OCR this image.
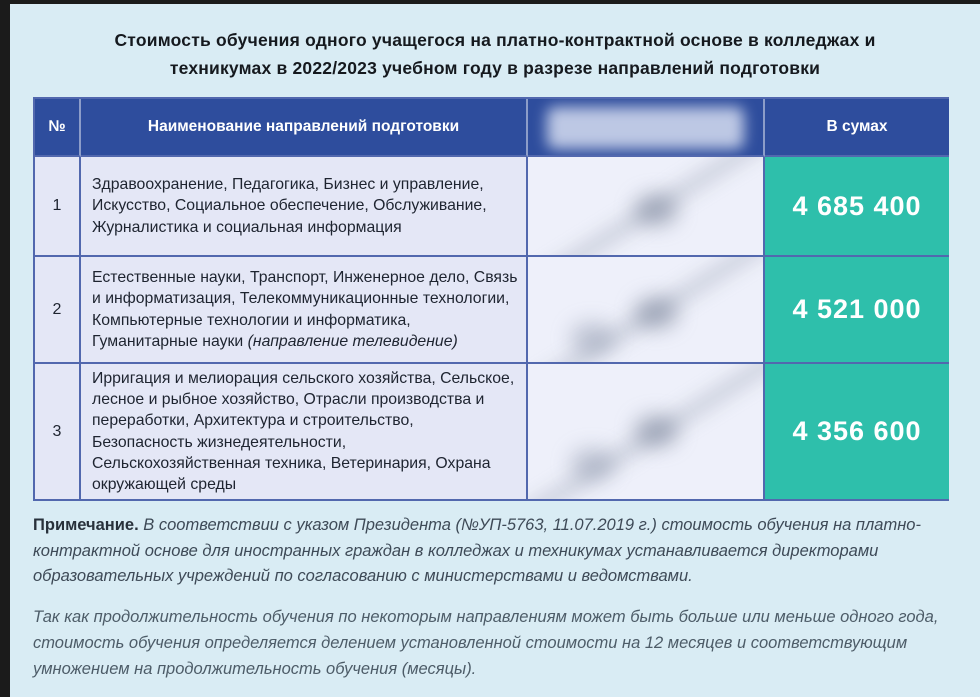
Стоимость обучения одного учащегося на платно-контрактной основе в колледжах и
техникумах в 2022/2023 учебном году в разрезе направлений подготовки
№	Наименование направлений подготовки	В сумах
1
Здравоохранение, Педагогика, Бизнес и управление, Искусство, Социальное обеспечение, Обслуживание, Журналистика и социальная информация
4 685 400
2
Естественные науки, Транспорт, Инженерное дело, Связь и информатизация, Телекоммуникационные технологии, Компьютерные технологии и информатика, Гуманитарные науки (направление телевидение)
4 521 000
3
Ирригация и мелиорация сельского хозяйства, Сельское, лесное и рыбное хозяйство, Отрасли производства и переработки, Архитектура и строительство, Безопасность жизнедеятельности, Сельскохозяйственная техника, Ветеринария, Охрана окружающей среды
4 356 600

Примечание. В соответствии с указом Президента (№УП-5763, 11.07.2019 г.) стоимость обучения на платно-контрактной основе для иностранных граждан в колледжах и техникумах устанавливается директорами образовательных учреждений по согласованию с министерствами и ведомствами.

Так как продолжительность обучения по некоторым направлениям может быть больше или меньше одного года, стоимость обучения определяется делением установленной стоимости на 12 месяцев и соответствующим умножением на продолжительность обучения (месяцы).
